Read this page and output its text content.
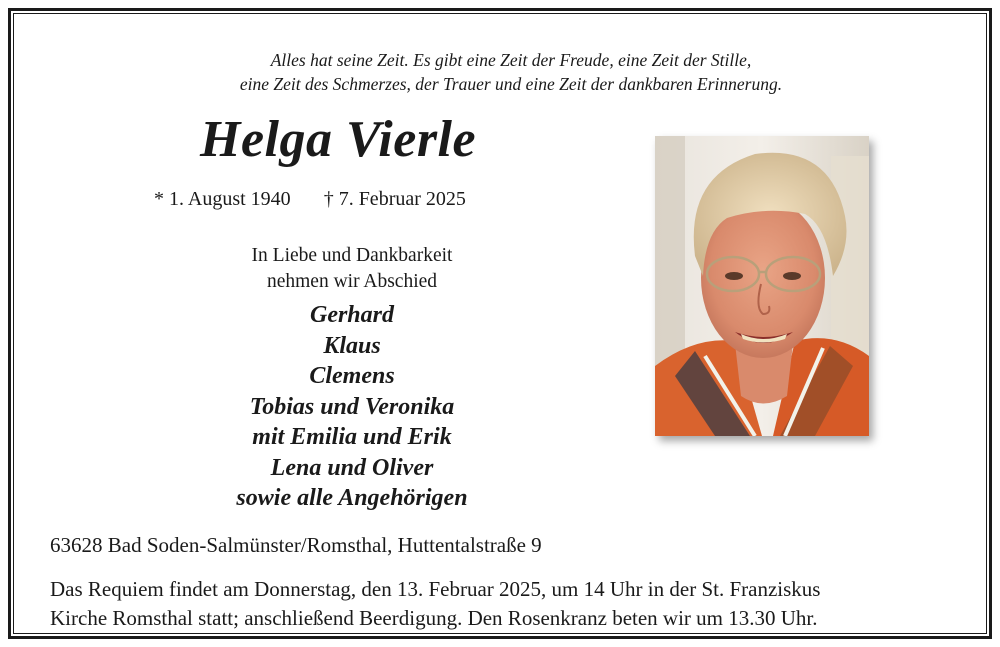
Alles hat seine Zeit. Es gibt eine Zeit der Freude, eine Zeit der Stille,
eine Zeit des Schmerzes, der Trauer und eine Zeit der dankbaren Erinnerung.
Helga Vierle
* 1. August 1940 † 7. Februar 2025
In Liebe und Dankbarkeit
nehmen wir Abschied
Gerhard
Klaus
Clemens
Tobias und Veronika
mit Emilia und Erik
Lena und Oliver
sowie alle Angehörigen
63628 Bad Soden-Salmünster/Romsthal, Huttentalstraße 9
Das Requiem findet am Donnerstag, den 13. Februar 2025, um 14 Uhr in der St. Franziskus
Kirche Romsthal statt; anschließend Beerdigung. Den Rosenkranz beten wir um 13.30 Uhr.
